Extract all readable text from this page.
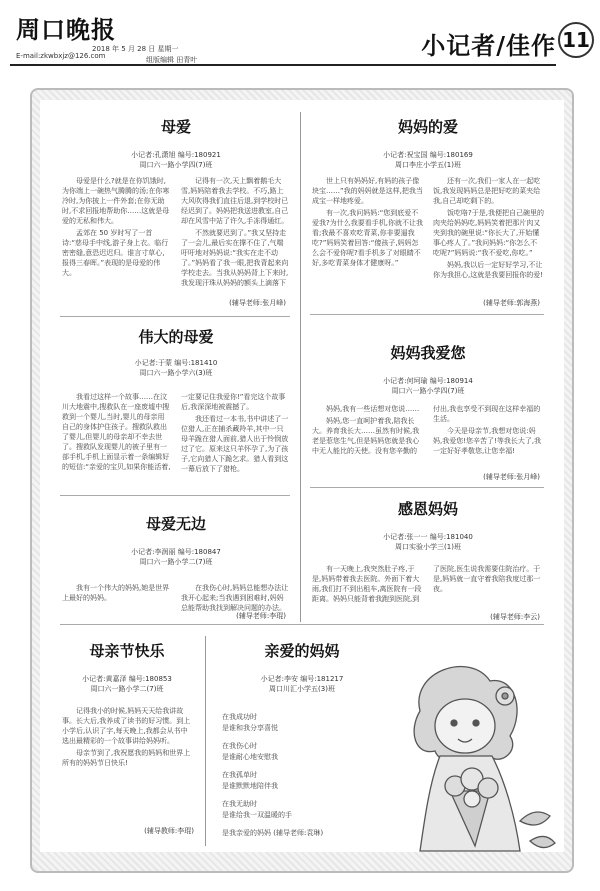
周口晚报
2018 年 5 月 28 日 星期一
E-mail:zkwbxjz@126.com	组版编辑 田青叶	小记者/佳作 11
母爱
小记者:孔潇旭 编号:180921
周口六一路小学四(7)班

母爱是什么?就是在你饥饿时,为你端上一碗热气腾腾的汤;在你寒冷时,为你披上一件外套;在你无助时,不求回报地帮助你……这就是母爱的无私和伟大。

孟郊在 50 岁时写了一首诗:“慈母手中线,游子身上衣。临行密密缝,意恐迟迟归。谁言寸草心,报得三春晖。”表现的是母爱的伟大。

记得有一次,天上飘着鹅毛大雪,妈妈陪着我去学校。不巧,路上大风吹得我们直往后退,到学校时已经迟到了。妈妈把我送进教室,自己却在风雪中站了许久,手冻得通红。

不然就要迟到了。”我又坚持走了一会儿,最后实在撑不住了,气喘吁吁地对妈妈说:“我实在走不动了。”妈妈看了我一眼,把我背起来向学校走去。当我从妈妈背上下来时,我发现汗珠从妈妈的额头上滴落下

(辅导老师:张月峰)
妈妈的爱
小记者:祝宝国 编号:180169
周口李庄小学五(1)班

世上只有妈妈好,有妈的孩子像块宝……”我的妈妈就是这样,把我当成宝一样地疼爱。

有一次,我问妈妈:“您到底爱不爱我?为什么我要看手机,你就不让我看;我最不喜欢吃青菜,你非要逼我吃?”妈妈笑着回答:“傻孩子,妈妈怎么会不爱你呢?看手机多了对眼睛不好,多吃青菜身体才健康呀。”

还有一次,我们一家人在一起吃饭,我发现妈妈总是把好吃的菜夹给我,自己却吃剩下的。

饭吃咯?于是,我便把自己碗里的肉夹给妈妈吃,妈妈笑着把那片肉又夹到我的碗里说:“你长大了,开始懂事心疼人了。”我问妈妈:“你怎么不吃呢?”妈妈说:“我不爱吃,你吃。”

妈妈,我以后一定好好学习,不让你为我担心,这就是我要回报你的爱!

(辅导老师:郭海燕)
伟大的母爱
小记者:于蒙 编号:181410
周口六一路小学六(3)班

我看过这样一个故事……在汶川大地震中,搜救队在一座废墟中搜救到一个婴儿,当时,婴儿的母亲用自己的身体护住孩子。搜救队救出了婴儿,但婴儿的母亲却不幸去世了。搜救队发现婴儿的被子里有一部手机,手机上面显示着一条编辑好的短信:“亲爱的宝贝,如果你能活着,一定要记住我爱你!”看完这个故事后,我深深地被震撼了。

我还看过一本书,书中讲述了一位猎人,正在捕杀藏羚羊,其中一只母羊跪在猎人面前,猎人出于怜悯放过了它。原来这只羊怀孕了,为了孩子,它向猎人下跪乞求。猎人看到这一幕后放下了猎枪。

妈妈我爱您
小记者:何坷瑜 编号:180914
周口六一路小学四(7)班

妈妈,我有一些话想对您说……

妈妈,您一直呵护着我,陪我长大。养育我长大……虽然有时候,我老是惹您生气,但是妈妈您就是我心中无人能比的天使。没有您辛勤的付出,我也享受不到现在这样幸福的生活。

今天是母亲节,我想对您说:妈妈,我爱您!您辛苦了!等我长大了,我一定好好孝敬您,让您幸福!

(辅导老师:张月峰)
母爱无边
小记者:李润丽 编号:180847
周口六一路小学二(7)班

我有一个伟大的妈妈,她是世界上最好的妈妈。

在我伤心时,妈妈总能想办法让我开心起来;当我遇到困难时,妈妈总能帮助我找到解决问题的办法。

(辅导老师:李琨)
感恩妈妈
小记者:张一一 编号:181040
周口实验小学三(1)班

有一天晚上,我突然肚子疼,于是,妈妈带着我去医院。外面下着大雨,我们打不到出租车,离医院有一段距离。妈妈只能背着我跑到医院,到了医院,医生说我需要住院治疗。于是,妈妈就一直守着我陪我度过那一夜。

(辅导老师:李云)
母亲节快乐
小记者:黄嘉泽 编号:180853
周口六一路小学二(7)班

记得我小的时候,妈妈天天给我讲故事。长大后,我养成了读书的好习惯。到上小学后,认识了字,每天晚上,我都会从书中选出最精彩的一个故事讲给妈妈听。

母亲节到了,我祝愿我的妈妈和世界上所有的妈妈节日快乐!

(辅导教师:李琨)
亲爱的妈妈
小记者:李安 编号:181217
周口川汇小学五(3)班
在我成功时
是谁和我分享喜悦
在我伤心时
是谁耐心地安慰我
在我孤单时
是谁默默地陪伴我
在我无助时
是谁给我一双温暖的手
是我亲爱的妈妈 (辅导老师:袁琳)
